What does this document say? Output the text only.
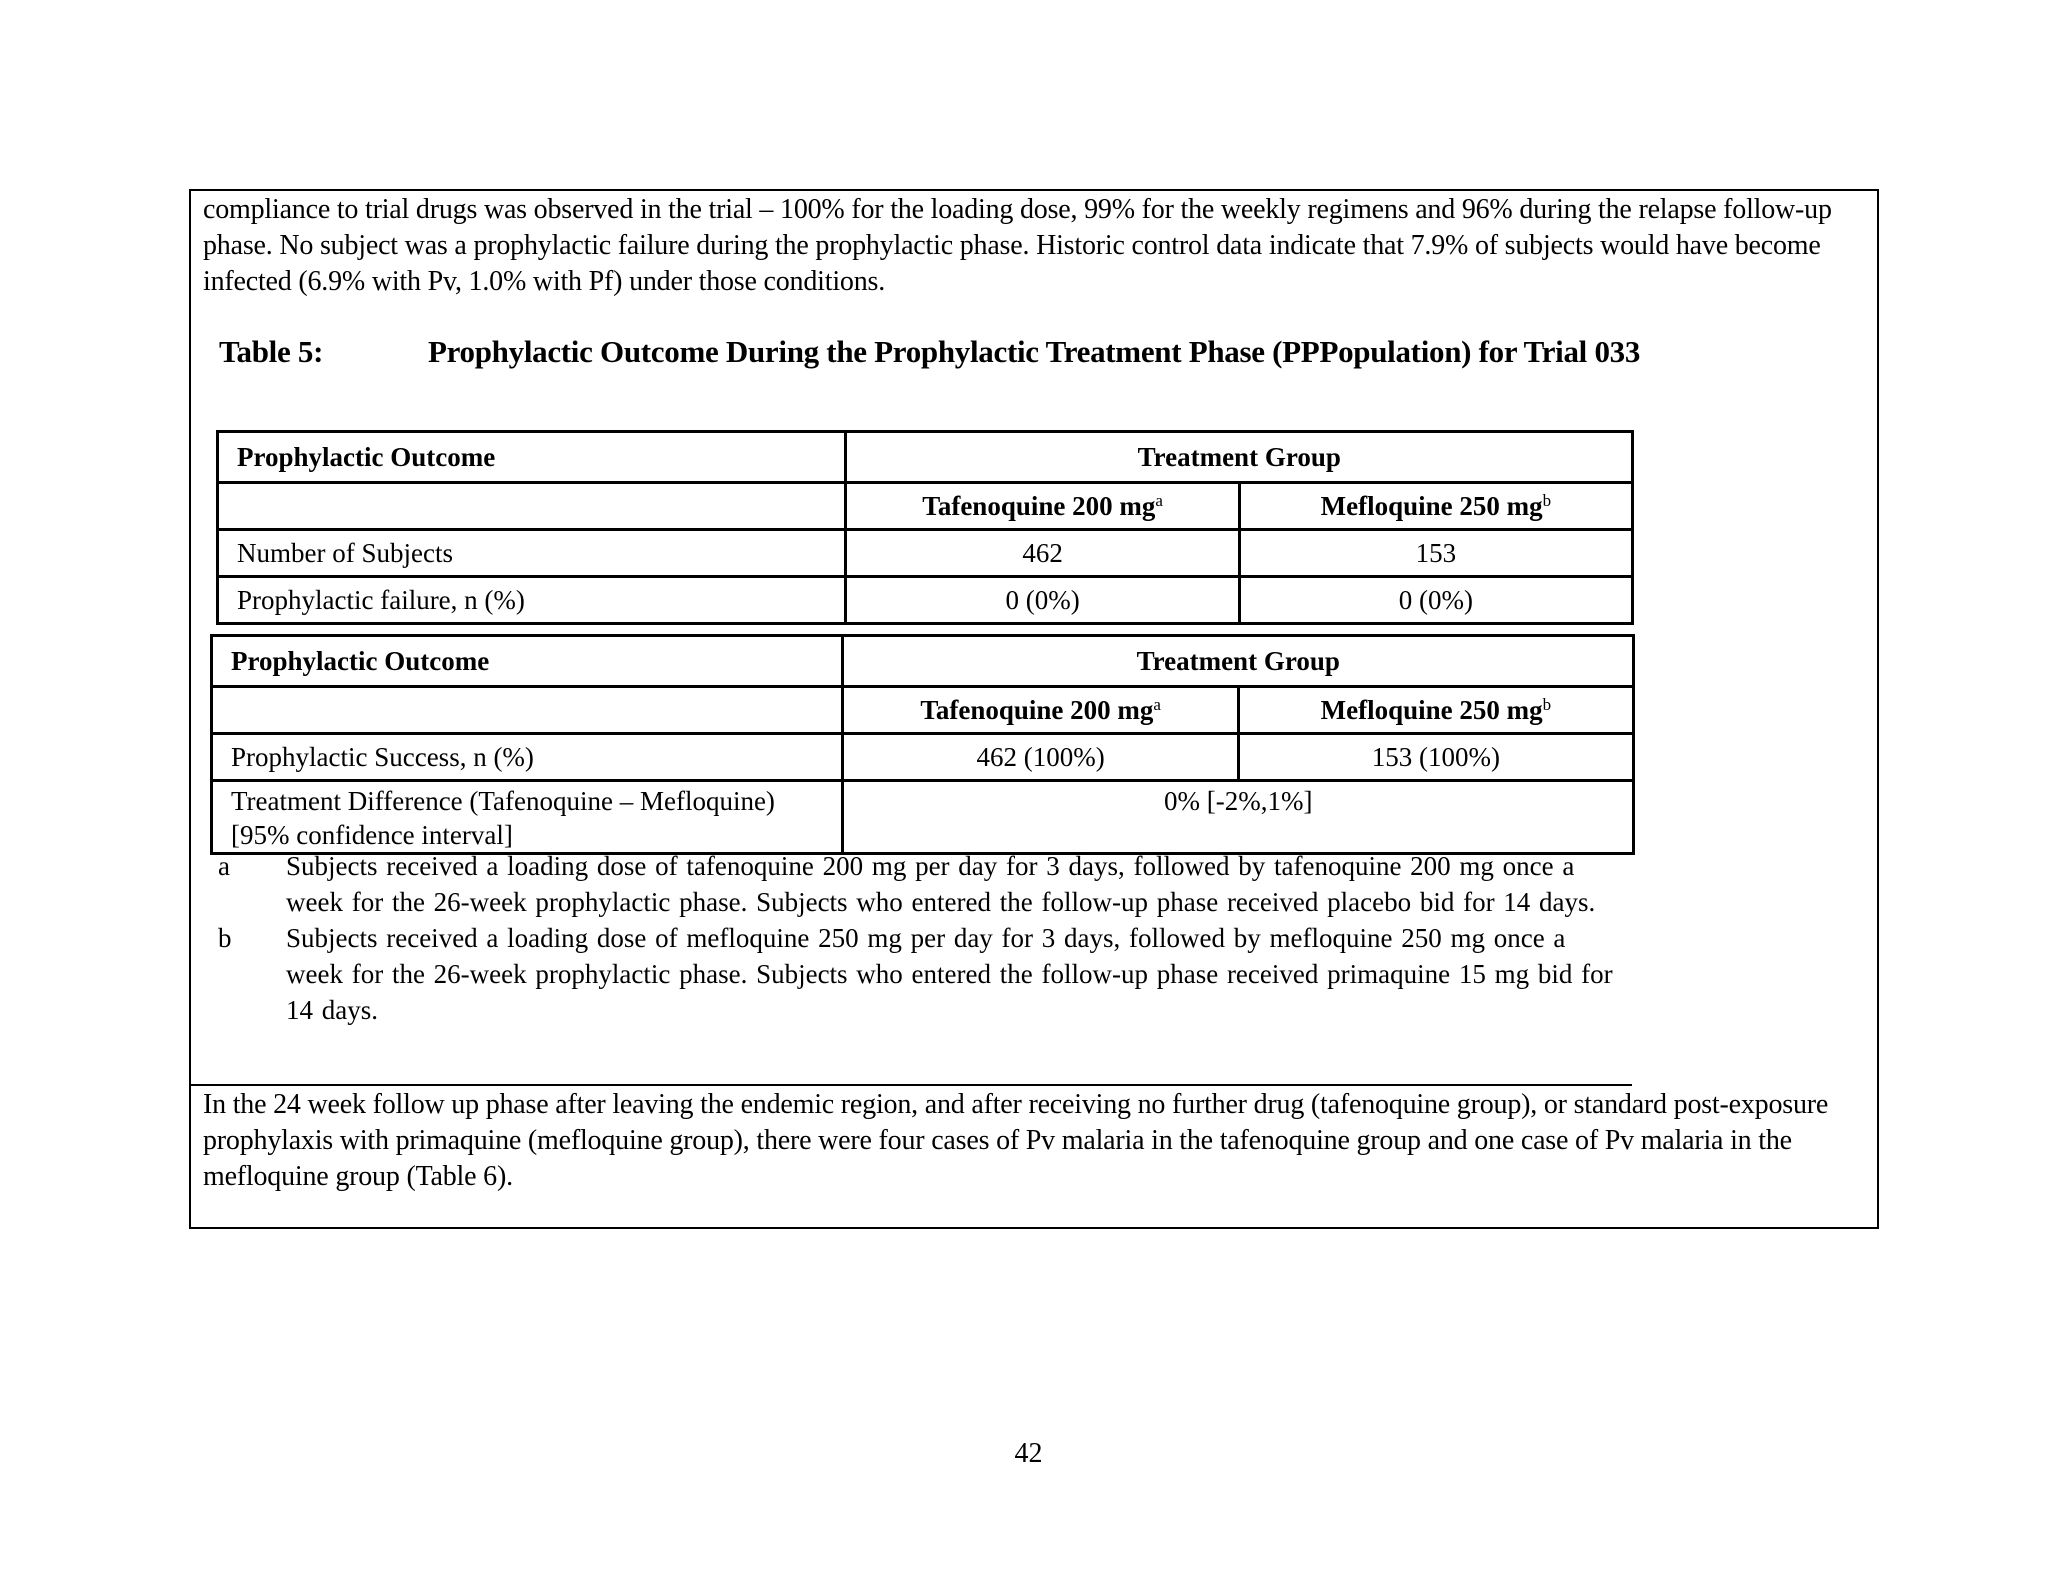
compliance to trial drugs was observed in the trial – 100% for the loading dose, 99% for the weekly regimens and 96% during the relapse follow-up phase. No subject was a prophylactic failure during the prophylactic phase. Historic control data indicate that 7.9% of subjects would have become infected (6.9% with Pv, 1.0% with Pf) under those conditions.

Table 5:	Prophylactic Outcome During the Prophylactic Treatment Phase (PPPopulation) for Trial 033
Prophylactic Outcome	Treatment Group	
	Tafenoquine 200 $mg^a$	Mefloquine 250 $mg^b$
Number of Subjects	462	153
Prophylactic failure, n (%)	0 (0%)	0 (0%)
Prophylactic Outcome	Treatment Group	
	Tafenoquine 200 $mg^a$	Mefloquine 250 $mg^b$
Prophylactic Success, n (%)	462 (100%)	153 (100%)
Treatment Difference (Tafenoquine – Mefloquine) [95% confidence interval]	0% [-2%,1%]	
a	Subjects received a loading dose of tafenoquine 200 mg per day for 3 days, followed by tafenoquine 200 mg once a week for the 26-week prophylactic phase. Subjects who entered the follow-up phase received placebo bid for 14 days.
b	Subjects received a loading dose of mefloquine 250 mg per day for 3 days, followed by mefloquine 250 mg once a week for the 26-week prophylactic phase. Subjects who entered the follow-up phase received primaquine 15 mg bid for 14 days.

In the 24 week follow up phase after leaving the endemic region, and after receiving no further drug (tafenoquine group), or standard post-exposure prophylaxis with primaquine (mefloquine group), there were four cases of Pv malaria in the tafenoquine group and one case of Pv malaria in the mefloquine group (Table 6).

42
